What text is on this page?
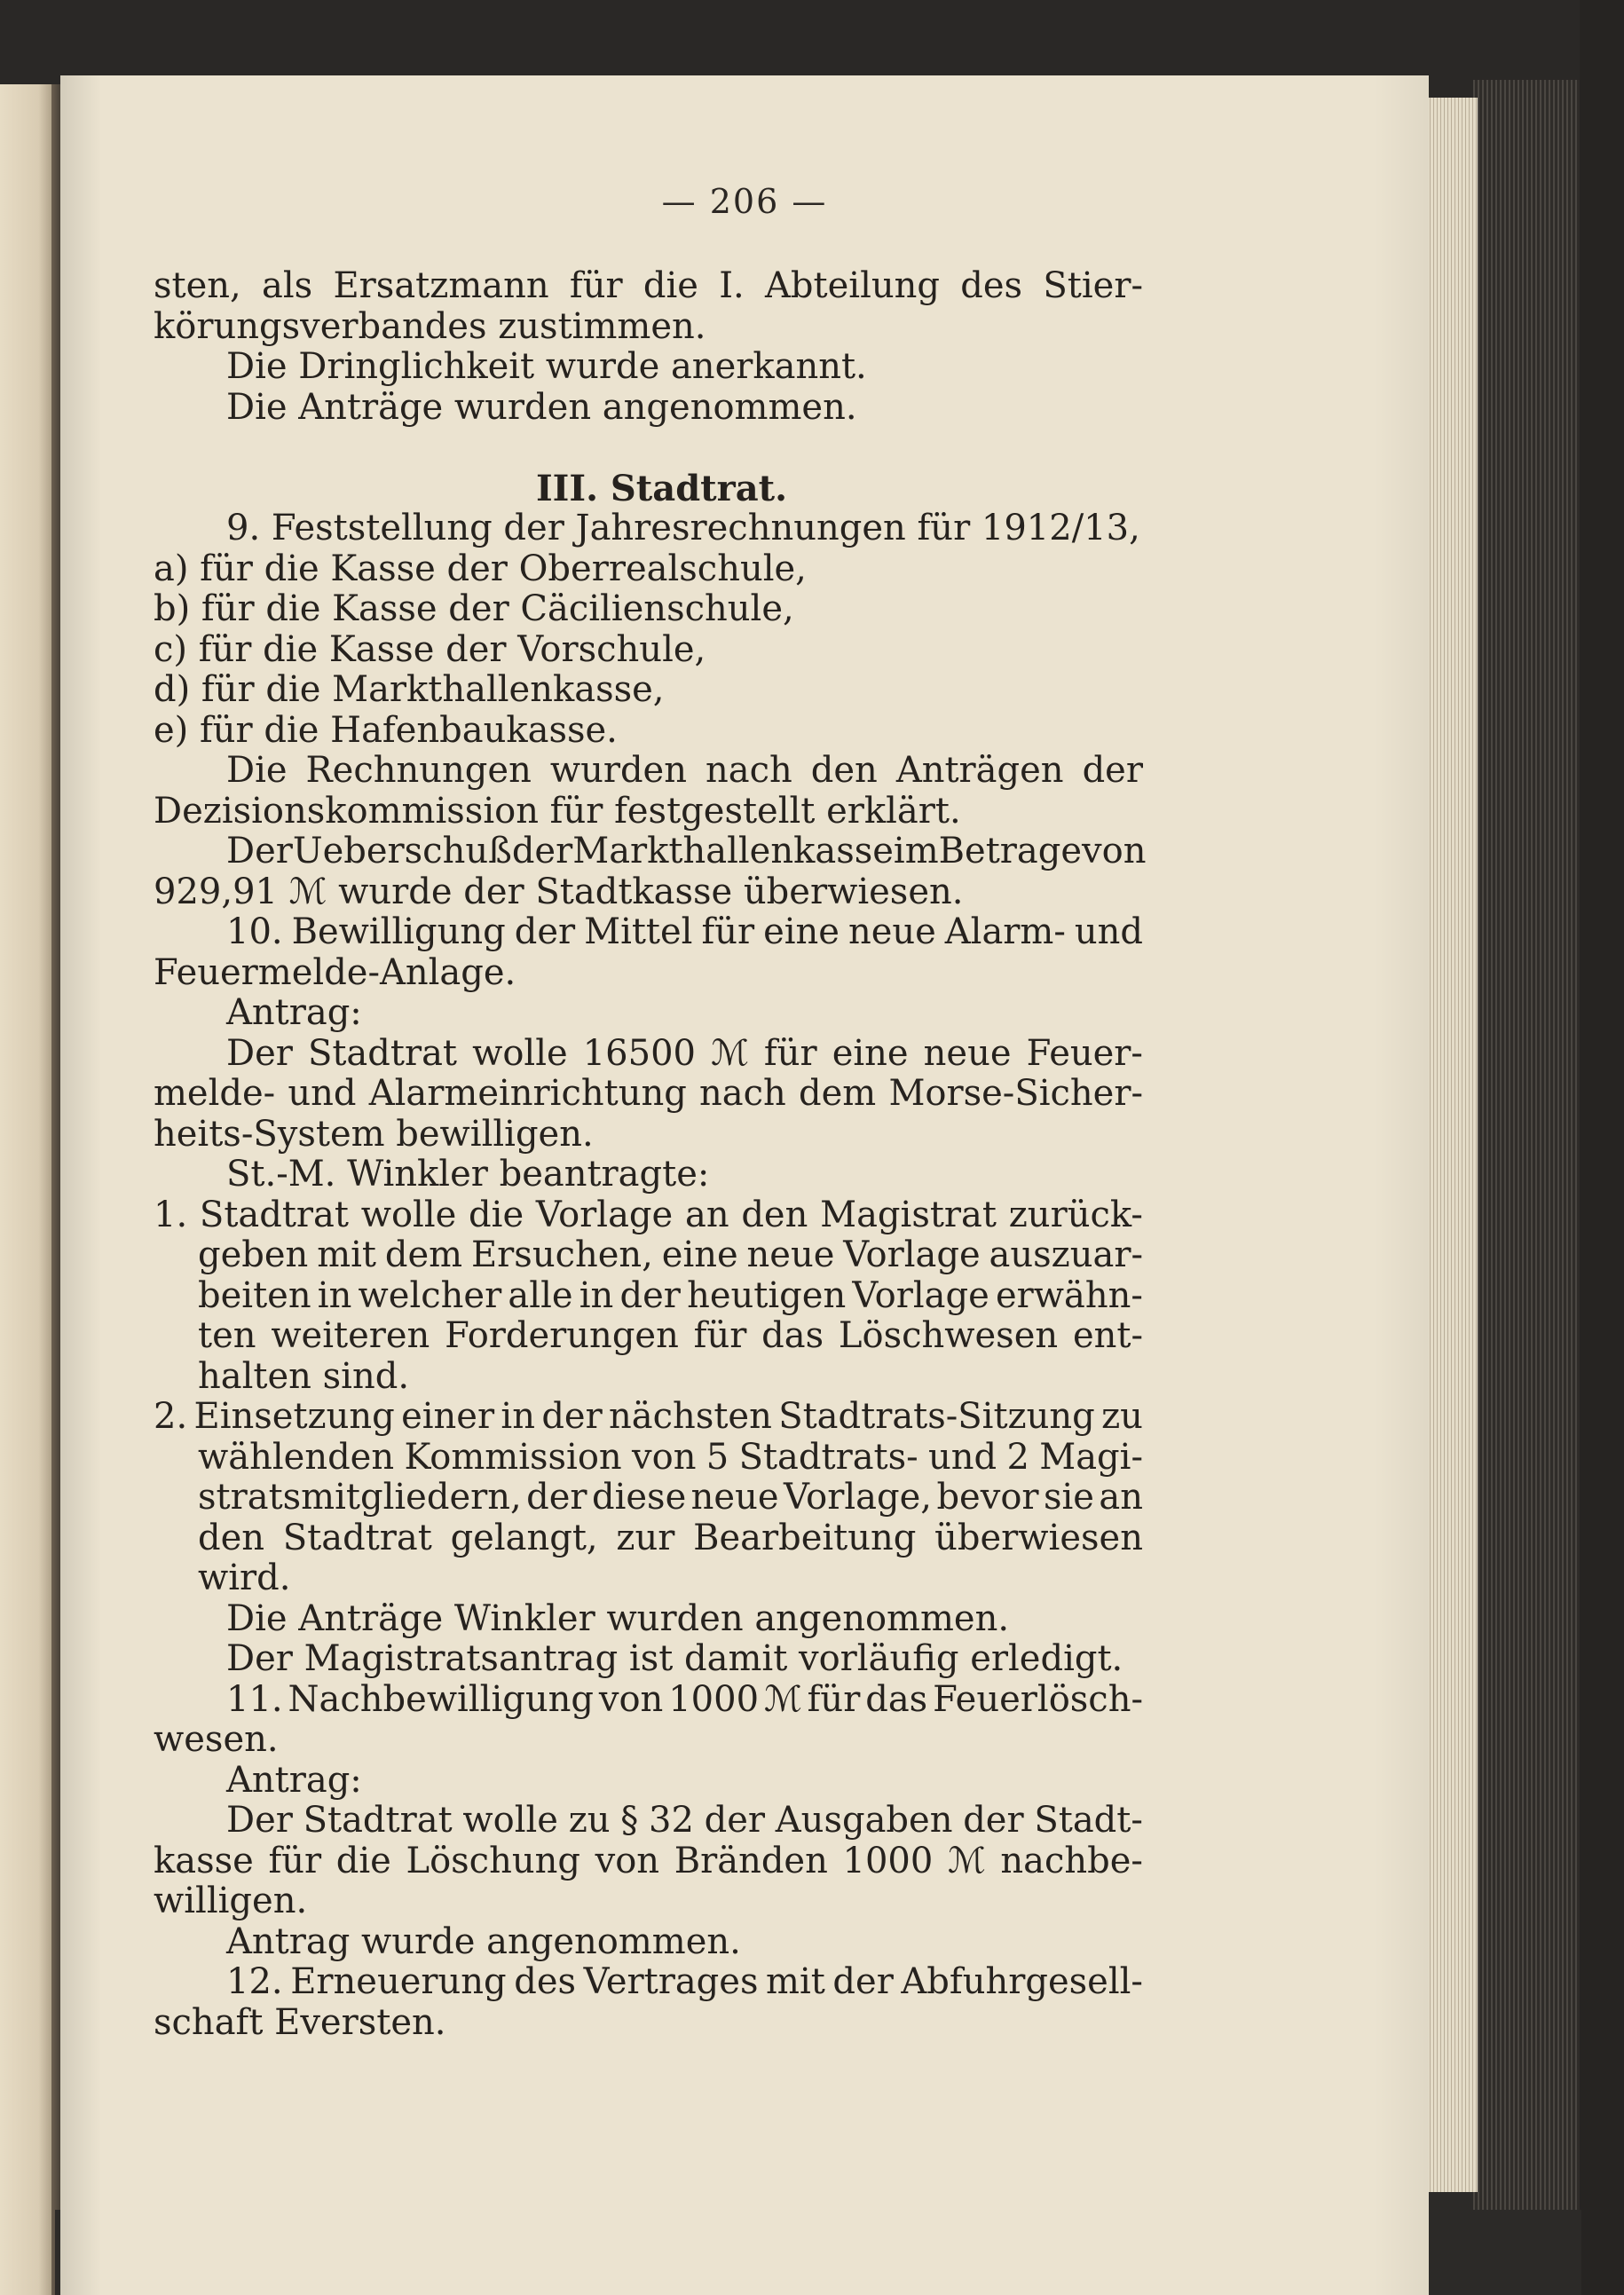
— 206 —
sten, als Ersatzmann für die I. Abteilung des Stier-
körungsverbandes zustimmen.
Die Dringlichkeit wurde anerkannt.
Die Anträge wurden angenommen.
III. Stadtrat.
9. Feststellung der Jahresrechnungen für 1912/13,
a) für die Kasse der Oberrealschule,
b) für die Kasse der Cäcilienschule,
c) für die Kasse der Vorschule,
d) für die Markthallenkasse,
e) für die Hafenbaukasse.
Die Rechnungen wurden nach den Anträgen der
Dezisionskommission für festgestellt erklärt.
Der Ueberschuß der Markthallenkasse im Betrage von
929,91 ℳ wurde der Stadtkasse überwiesen.
10. Bewilligung der Mittel für eine neue Alarm- und
Feuermelde-Anlage.
Antrag:
Der Stadtrat wolle 16500 ℳ für eine neue Feuer-
melde- und Alarmeinrichtung nach dem Morse-Sicher-
heits-System bewilligen.
St.-M. Winkler beantragte:
1. Stadtrat wolle die Vorlage an den Magistrat zurück-
geben mit dem Ersuchen, eine neue Vorlage auszuar-
beiten in welcher alle in der heutigen Vorlage erwähn-
ten weiteren Forderungen für das Löschwesen ent-
halten sind.
2. Einsetzung einer in der nächsten Stadtrats-Sitzung zu
wählenden Kommission von 5 Stadtrats- und 2 Magi-
stratsmitgliedern, der diese neue Vorlage, bevor sie an
den Stadtrat gelangt, zur Bearbeitung überwiesen
wird.
Die Anträge Winkler wurden angenommen.
Der Magistratsantrag ist damit vorläufig erledigt.
11. Nachbewilligung von 1000 ℳ für das Feuerlösch-
wesen.
Antrag:
Der Stadtrat wolle zu § 32 der Ausgaben der Stadt-
kasse für die Löschung von Bränden 1000 ℳ nachbe-
willigen.
Antrag wurde angenommen.
12. Erneuerung des Vertrages mit der Abfuhrgesell-
schaft Eversten.
